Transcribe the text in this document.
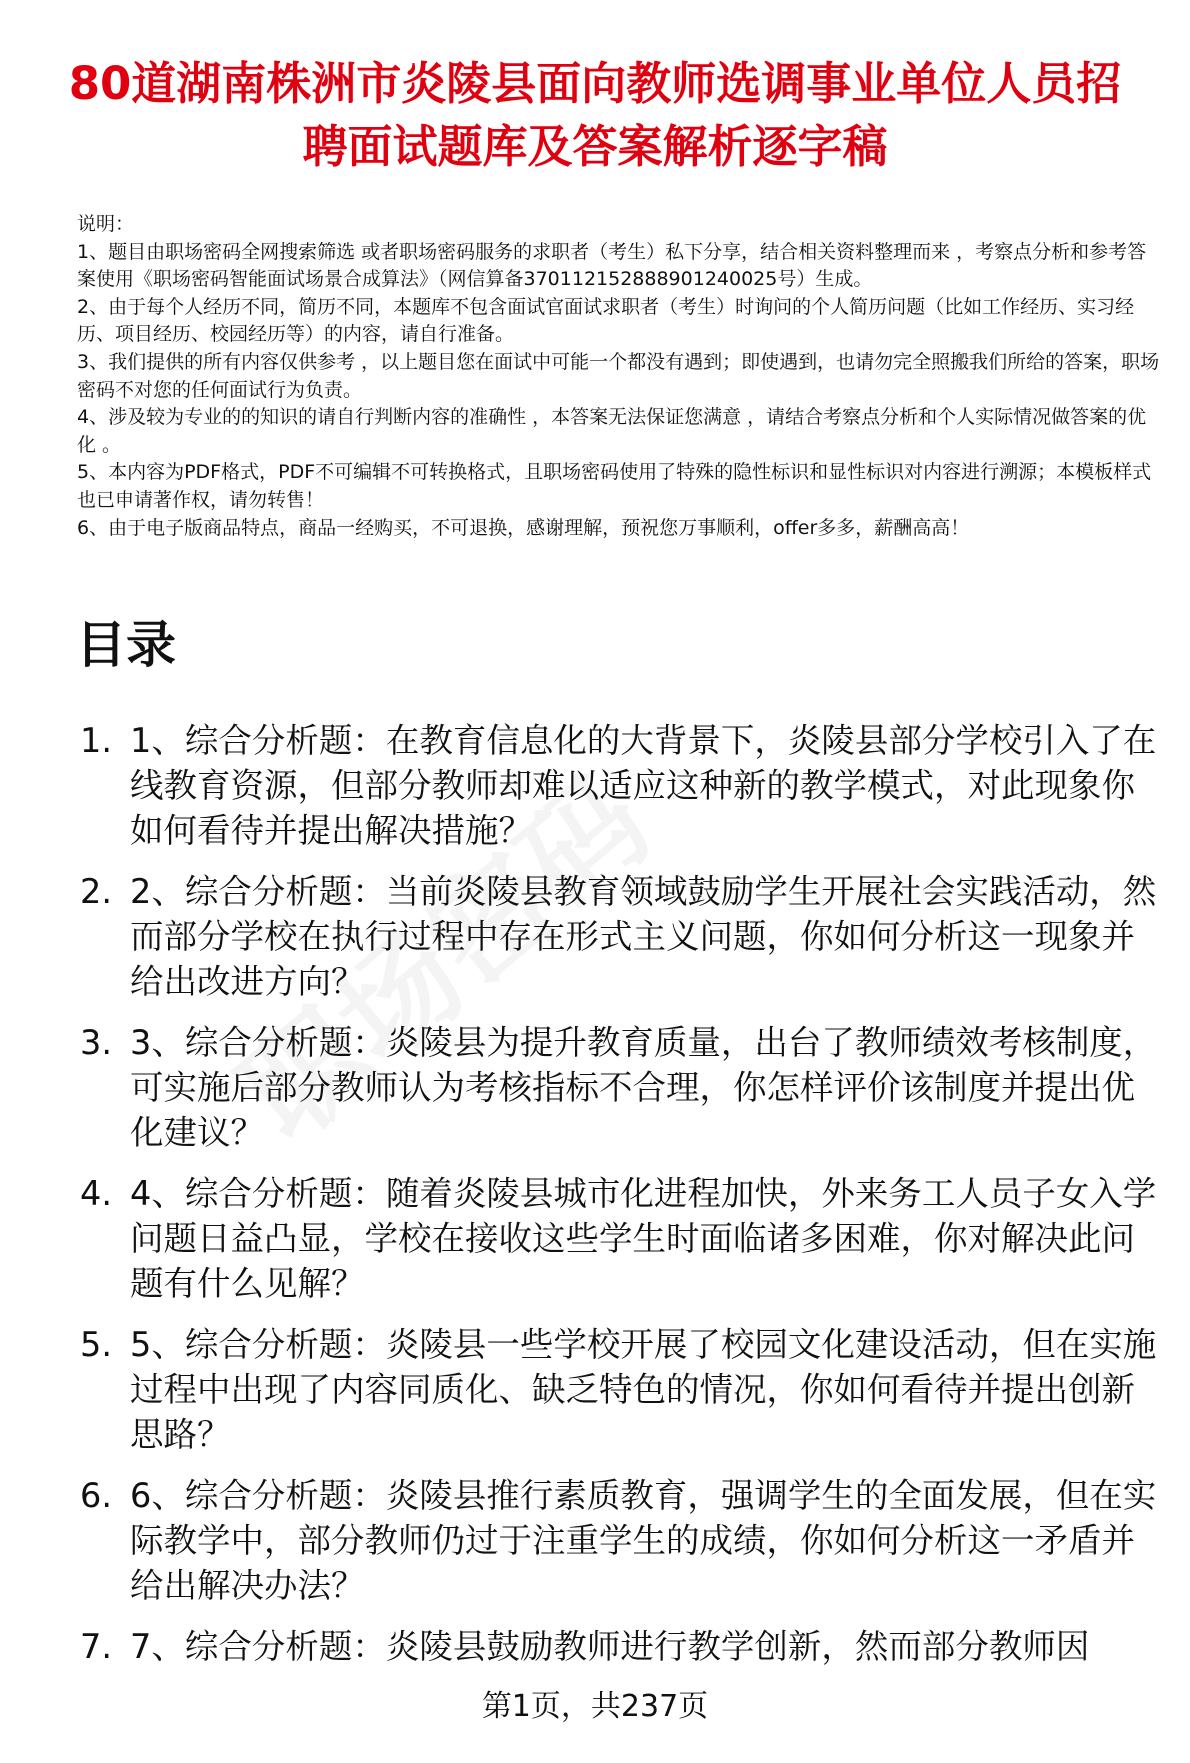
80道湖南株洲市炎陵县面向教师选调事业单位人员招聘面试题库及答案解析逐字稿

说明：

1、题目由职场密码全网搜索筛选 或者职场密码服务的求职者（考生）私下分享，结合相关资料整理而来 ，考察点分析和参考答案使用《职场密码智能面试场景合成算法》（网信算备370112152888901240025号）生成。

2、由于每个人经历不同，简历不同，本题库不包含面试官面试求职者（考生）时询问的个人简历问题（比如工作经历、实习经历、项目经历、校园经历等）的内容，请自行准备。

3、我们提供的所有内容仅供参考 ，以上题目您在面试中可能一个都没有遇到；即使遇到，也请勿完全照搬我们所给的答案，职场密码不对您的任何面试行为负责。

4、涉及较为专业的的知识的请自行判断内容的准确性 ，本答案无法保证您满意 ，请结合考察点分析和个人实际情况做答案的优化 。

5、本内容为PDF格式，PDF不可编辑不可转换格式，且职场密码使用了特殊的隐性标识和显性标识对内容进行溯源；本模板样式也已申请著作权，请勿转售！

6、由于电子版商品特点，商品一经购买，不可退换，感谢理解，预祝您万事顺利，offer多多，薪酬高高！

目录
1. 1、综合分析题：在教育信息化的大背景下，炎陵县部分学校引入了在线教育资源，但部分教师却难以适应这种新的教学模式，对此现象你如何看待并提出解决措施？
2. 2、综合分析题：当前炎陵县教育领域鼓励学生开展社会实践活动，然而部分学校在执行过程中存在形式主义问题，你如何分析这一现象并给出改进方向？
3. 3、综合分析题：炎陵县为提升教育质量，出台了教师绩效考核制度，可实施后部分教师认为考核指标不合理，你怎样评价该制度并提出优化建议？
4. 4、综合分析题：随着炎陵县城市化进程加快，外来务工人员子女入学问题日益凸显，学校在接收这些学生时面临诸多困难，你对解决此问题有什么见解？
5. 5、综合分析题：炎陵县一些学校开展了校园文化建设活动，但在实施过程中出现了内容同质化、缺乏特色的情况，你如何看待并提出创新思路？
6. 6、综合分析题：炎陵县推行素质教育，强调学生的全面发展，但在实际教学中，部分教师仍过于注重学生的成绩，你如何分析这一矛盾并给出解决办法？
7. 7、综合分析题：炎陵县鼓励教师进行教学创新，然而部分教师因
第1页，共237页
